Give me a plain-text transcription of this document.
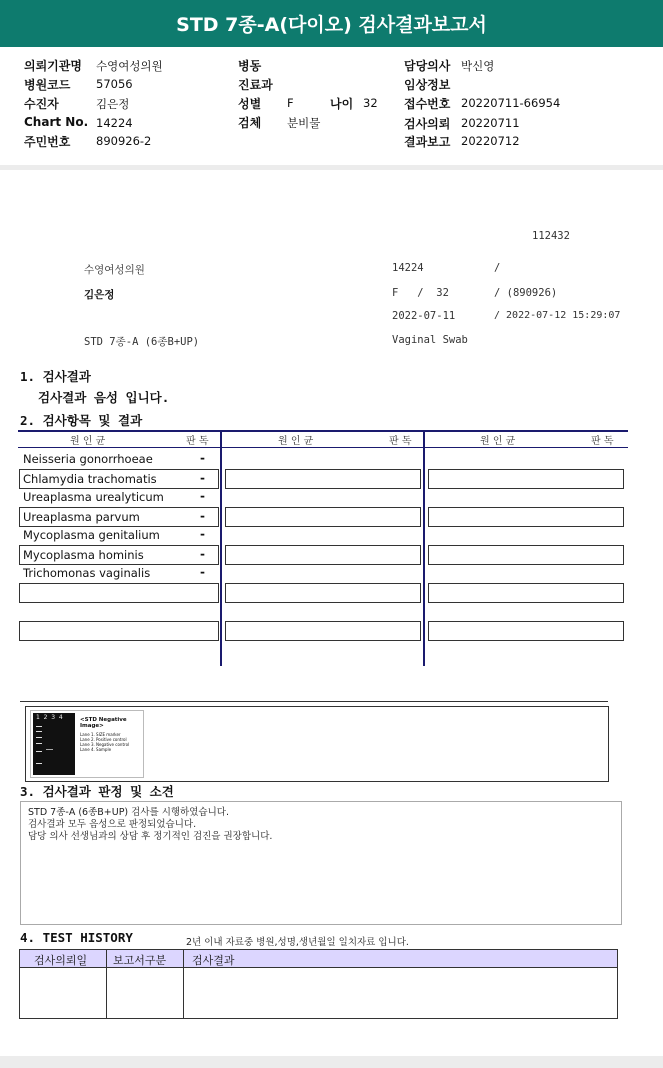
STD 7종-A(다이오) 검사결과보고서
의뢰기관명 수영여성의원
병원코드 57056
수진자	김은정
Chart No. 14224
주민번호 890926-2
병동
진료과
성별 F	나이 32
검체 분비물
담당의사 박신영
임상정보
접수번호 20220711-66954
검사의뢰 20220711
결과보고 20220712
112432
수영여성의원	14224	/
김은정	F   /  32	/ (890926)
2022-07-11	/ 2022-07-12 15:29:07
STD 7종-A (6종B+UP)	Vaginal Swab
1. 검사결과
검사결과 음성 입니다.
2. 검사항목 및 결과
원 인 균	판 독	원 인 균	판 독	원 인 균	판 독
Neisseria gonorrhoeae	-
Chlamydia trachomatis	-
Ureaplasma urealyticum	-
Ureaplasma parvum	-
Mycoplasma genitalium	-
Mycoplasma hominis	-
Trichomonas vaginalis	-
1  2  3  4	<STD Negative Image>
Lane 1. SIZE marker
Lane 2. Positive control
Lane 3. Negative control
Lane 4. Sample
3. 검사결과 판정 및 소견
STD 7종-A (6종B+UP) 검사를 시행하였습니다.
검사결과 모두 음성으로 판정되었습니다.
담당 의사 선생님과의 상담 후 정기적인 검진을 권장합니다.
4. TEST HISTORY	2년 이내 자료중 병원,성명,생년월일 일치자료 입니다.
검사의뢰일 보고서구분 검사결과
